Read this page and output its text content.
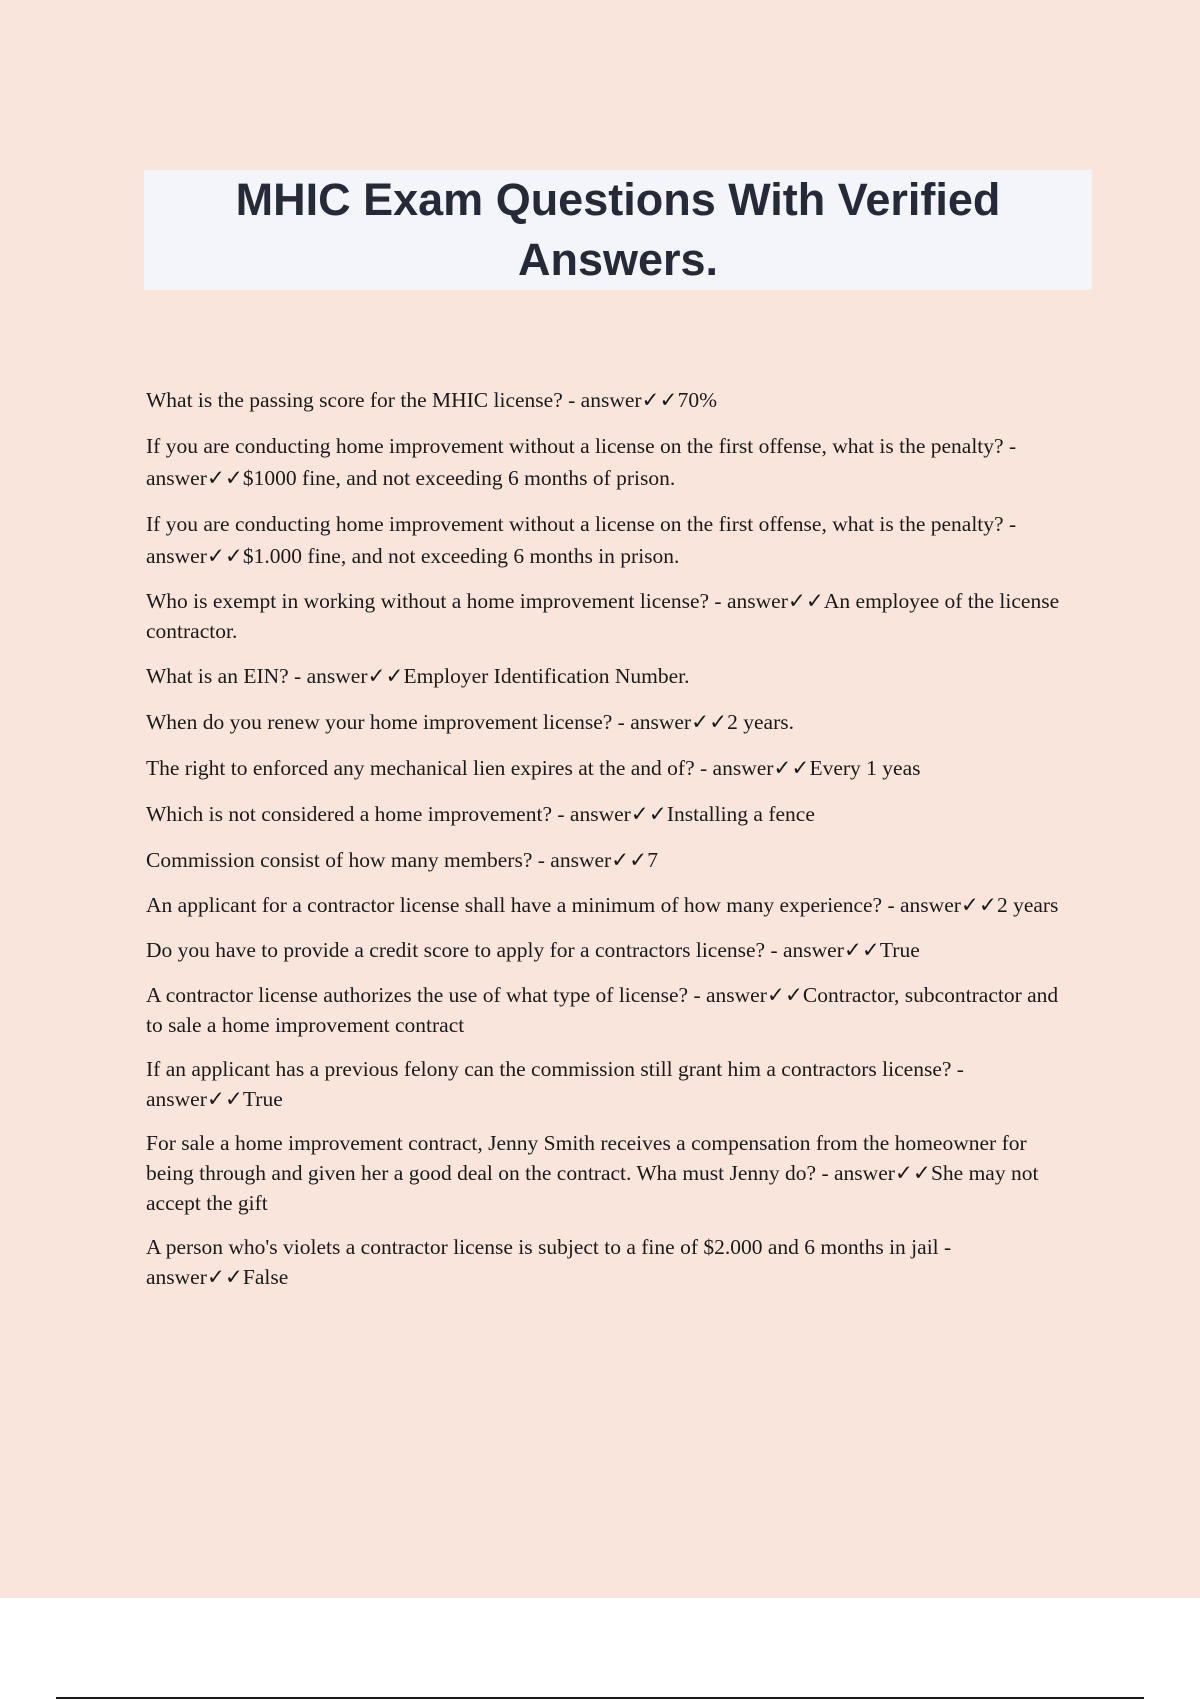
MHIC Exam Questions With Verified Answers.
What is the passing score for the MHIC license? - answer✓✓70%
If you are conducting home improvement without a license on the first offense, what is the penalty? - answer✓✓$1000 fine, and not exceeding 6 months of prison.
If you are conducting home improvement without a license on the first offense, what is the penalty? - answer✓✓$1.000 fine, and not exceeding 6 months in prison.
Who is exempt in working without a home improvement license? - answer✓✓An employee of the license contractor.
What is an EIN? - answer✓✓Employer Identification Number.
When do you renew your home improvement license? - answer✓✓2 years.
The right to enforced any mechanical lien expires at the and of? - answer✓✓Every 1 yeas
Which is not considered a home improvement? - answer✓✓Installing a fence
Commission consist of how many members? - answer✓✓7
An applicant for a contractor license shall have a minimum of how many experience? - answer✓✓2 years
Do you have to provide a credit score to apply for a contractors license? - answer✓✓True
A contractor license authorizes the use of what type of license? - answer✓✓Contractor, subcontractor and to sale a home improvement contract
If an applicant has a previous felony can the commission still grant him a contractors license? - answer✓✓True
For sale a home improvement contract, Jenny Smith receives a compensation from the homeowner for being through and given her a good deal on the contract. Wha must Jenny do? - answer✓✓She may not accept the gift
A person who's violets a contractor license is subject to a fine of $2.000 and 6 months in jail - answer✓✓False
